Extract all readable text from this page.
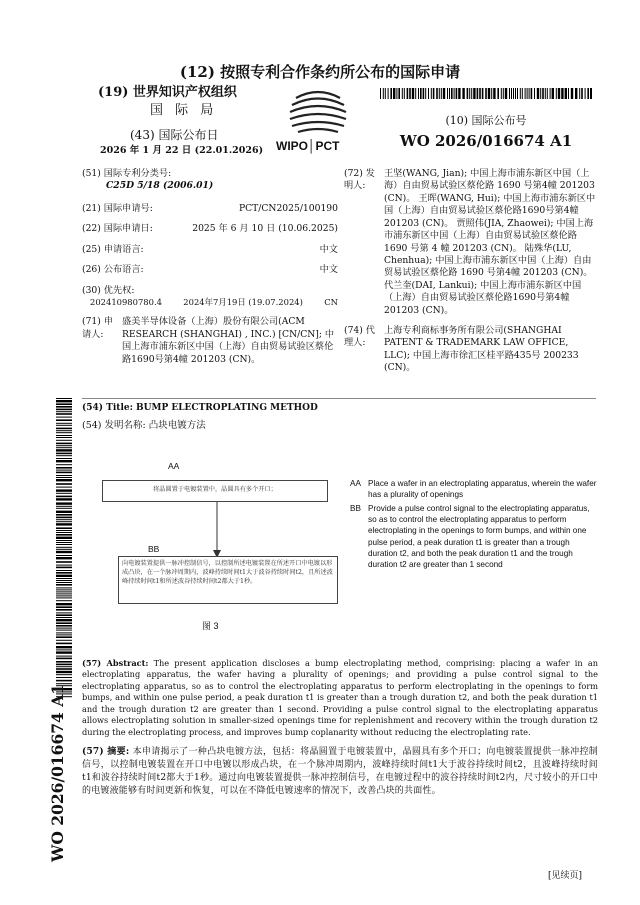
(12) 按照专利合作条约所公布的国际申请
(19) 世界知识产权组织
国 际 局
(43) 国际公布日
2026 年 1 月 22 日 (22.01.2026)	WIPO│PCT
(10) 国际公布号
WO 2026/016674 A1
(51) 国际专利分类号:
C25D 5/18 (2006.01)
(21) 国际申请号:	PCT/CN2025/100190
(22) 国际申请日:	2025 年 6 月 10 日 (10.06.2025)
(25) 申请语言:	中文
(26) 公布语言:	中文
(30) 优先权:
202410980780.4	2024年7月19日 (19.07.2024)	CN
(71) 申请人:
盛美半导体设备（上海）股份有限公司(ACM RESEARCH (SHANGHAI) , INC.) [CN/CN]; 中国上海市浦东新区中国（上海）自由贸易试验区蔡伦路1690号第4幢 201203 (CN)。
(72) 发明人:
王坚(WANG, Jian); 中国上海市浦东新区中国（上海）自由贸易试验区蔡伦路 1690 号第4幢 201203 (CN)。 王晖(WANG, Hui); 中国上海市浦东新区中国（上海）自由贸易试验区蔡伦路1690号第4幢 201203 (CN)。 贾照伟(JIA, Zhaowei); 中国上海市浦东新区中国（上海）自由贸易试验区蔡伦路 1690 号第 4 幢 201203 (CN)。 陆殊华(LU, Chenhua); 中国上海市浦东新区中国（上海）自由贸易试验区蔡伦路 1690 号第4幢 201203 (CN)。 代兰奎(DAI, Lankui); 中国上海市浦东新区中国（上海）自由贸易试验区蔡伦路1690号第4幢 201203 (CN)。
(74) 代理人:
上海专利商标事务所有限公司(SHANGHAI PATENT & TRADEMARK LAW OFFICE, LLC); 中国上海市徐汇区桂平路435号 200233 (CN)。
WO 2026/016674 A1
(54) Title: BUMP ELECTROPLATING METHOD
(54) 发明名称: 凸块电镀方法
AA
将晶圆置于电镀装置中，晶圆具有多个开口；
BB
向电镀装置提供一脉冲控制信号，以控制所述电镀装置在所述开口中电镀以形成凸块，在一个脉冲周期内，波峰持续时间t1大于波谷持续时间t2，且所述波峰持续时间t1和所述波谷持续时间t2都大于1秒。
图 3
AA Place a wafer in an electroplating apparatus, wherein the wafer has a plurality of openings
BB Provide a pulse control signal to the electroplating apparatus, so as to control the electroplating apparatus to perform electroplating in the openings to form bumps, and within one pulse period, a peak duration t1 is greater than a trough duration t2, and both the peak duration t1 and the trough duration t2 are greater than 1 second
(57) Abstract: The present application discloses a bump electroplating method, comprising: placing a wafer in an electroplating apparatus, the wafer having a plurality of openings; and providing a pulse control signal to the electroplating apparatus, so as to control the electroplating apparatus to perform electroplating in the openings to form bumps, and within one pulse period, a peak duration t1 is greater than a trough duration t2, and both the peak duration t1 and the trough duration t2 are greater than 1 second. Providing a pulse control signal to the electroplating apparatus allows electroplating solution in smaller-sized openings time for replenishment and recovery within the trough duration t2 during the electroplating process, and improves bump coplanarity without reducing the electroplating rate.
(57) 摘要: 本申请揭示了一种凸块电镀方法，包括：将晶圆置于电镀装置中，晶圆具有多个开口；向电镀装置提供一脉冲控制信号，以控制电镀装置在开口中电镀以形成凸块，在一个脉冲周期内，波峰持续时间t1大于波谷持续时间t2，且波峰持续时间t1和波谷持续时间t2都大于1秒。通过向电镀装置提供一脉冲控制信号，在电镀过程中的波谷持续时间t2内，尺寸较小的开口中的电镀液能够有时间更新和恢复，可以在不降低电镀速率的情况下，改善凸块的共面性。
[见续页]
